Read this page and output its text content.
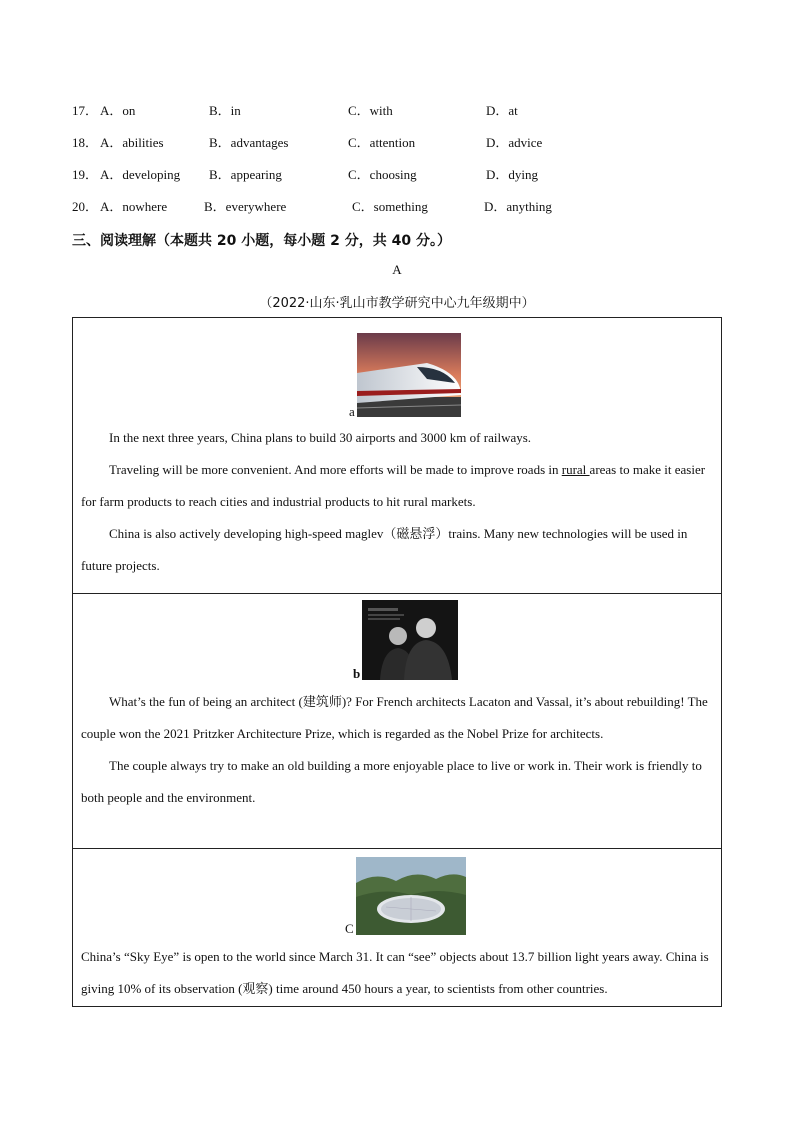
17． A．on	B．in	C．with	D．at
18． A．abilities	B．advantages	C．attention	D．advice
19． A．developing B．appearing	C．choosing	D．dying
20． A．nowhere	B．everywhere	C．something	D．anything
三、阅读理解（本题共 20 小题，每小题 2 分，共 40 分。）
A
（2022·山东·乳山市教学研究中心九年级期中）
a
In the next three years, China plans to build 30 airports and 3000 km of railways.
Traveling will be more convenient. And more efforts will be made to improve roads in rural areas to make it easier for farm products to reach cities and industrial products to hit rural markets.
China is also actively developing high-speed maglev（磁悬浮）trains. Many new technologies will be used in future projects.
b
What’s the fun of being an architect (建筑师)? For French architects Lacaton and Vassal, it’s about rebuilding! The couple won the 2021 Pritzker Architecture Prize, which is regarded as the Nobel Prize for architects.
The couple always try to make an old building a more enjoyable place to live or work in. Their work is friendly to both people and the environment.
C
China’s “Sky Eye” is open to the world since March 31. It can “see” objects about 13.7 billion light years away. China is giving 10% of its observation (观察) time around 450 hours a year, to scientists from other countries.
